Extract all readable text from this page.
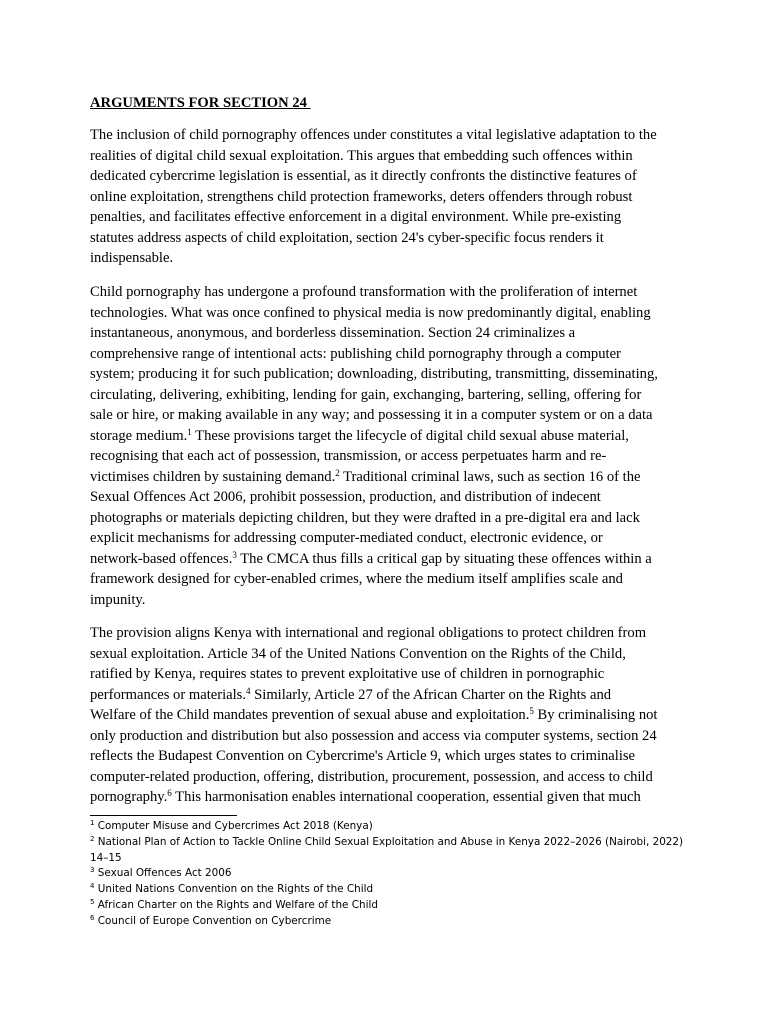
ARGUMENTS FOR SECTION 24

The inclusion of child pornography offences under constitutes a vital legislative adaptation to the
realities of digital child sexual exploitation. This argues that embedding such offences within
dedicated cybercrime legislation is essential, as it directly confronts the distinctive features of
online exploitation, strengthens child protection frameworks, deters offenders through robust
penalties, and facilitates effective enforcement in a digital environment. While pre-existing
statutes address aspects of child exploitation, section 24's cyber-specific focus renders it
indispensable.

Child pornography has undergone a profound transformation with the proliferation of internet
technologies. What was once confined to physical media is now predominantly digital, enabling
instantaneous, anonymous, and borderless dissemination. Section 24 criminalizes a
comprehensive range of intentional acts: publishing child pornography through a computer
system; producing it for such publication; downloading, distributing, transmitting, disseminating,
circulating, delivering, exhibiting, lending for gain, exchanging, bartering, selling, offering for
sale or hire, or making available in any way; and possessing it in a computer system or on a data
storage medium.$^1$ These provisions target the lifecycle of digital child sexual abuse material,
recognising that each act of possession, transmission, or access perpetuates harm and re-
victimises children by sustaining demand.$^2$ Traditional criminal laws, such as section 16 of the
Sexual Offences Act 2006, prohibit possession, production, and distribution of indecent
photographs or materials depicting children, but they were drafted in a pre-digital era and lack
explicit mechanisms for addressing computer-mediated conduct, electronic evidence, or
network-based offences.$^3$ The CMCA thus fills a critical gap by situating these offences within a
framework designed for cyber-enabled crimes, where the medium itself amplifies scale and
impunity.

The provision aligns Kenya with international and regional obligations to protect children from
sexual exploitation. Article 34 of the United Nations Convention on the Rights of the Child,
ratified by Kenya, requires states to prevent exploitative use of children in pornographic
performances or materials.$^4$ Similarly, Article 27 of the African Charter on the Rights and
Welfare of the Child mandates prevention of sexual abuse and exploitation.$^5$ By criminalising not
only production and distribution but also possession and access via computer systems, section 24
reflects the Budapest Convention on Cybercrime's Article 9, which urges states to criminalise
computer-related production, offering, distribution, procurement, possession, and access to child
pornography.$^6$ This harmonisation enables international cooperation, essential given that much

$^1$ Computer Misuse and Cybercrimes Act 2018 (Kenya)
$^2$ National Plan of Action to Tackle Online Child Sexual Exploitation and Abuse in Kenya 2022–2026 (Nairobi, 2022)
14–15
$^3$ Sexual Offences Act 2006
$^4$ United Nations Convention on the Rights of the Child
$^5$ African Charter on the Rights and Welfare of the Child
$^6$ Council of Europe Convention on Cybercrime
